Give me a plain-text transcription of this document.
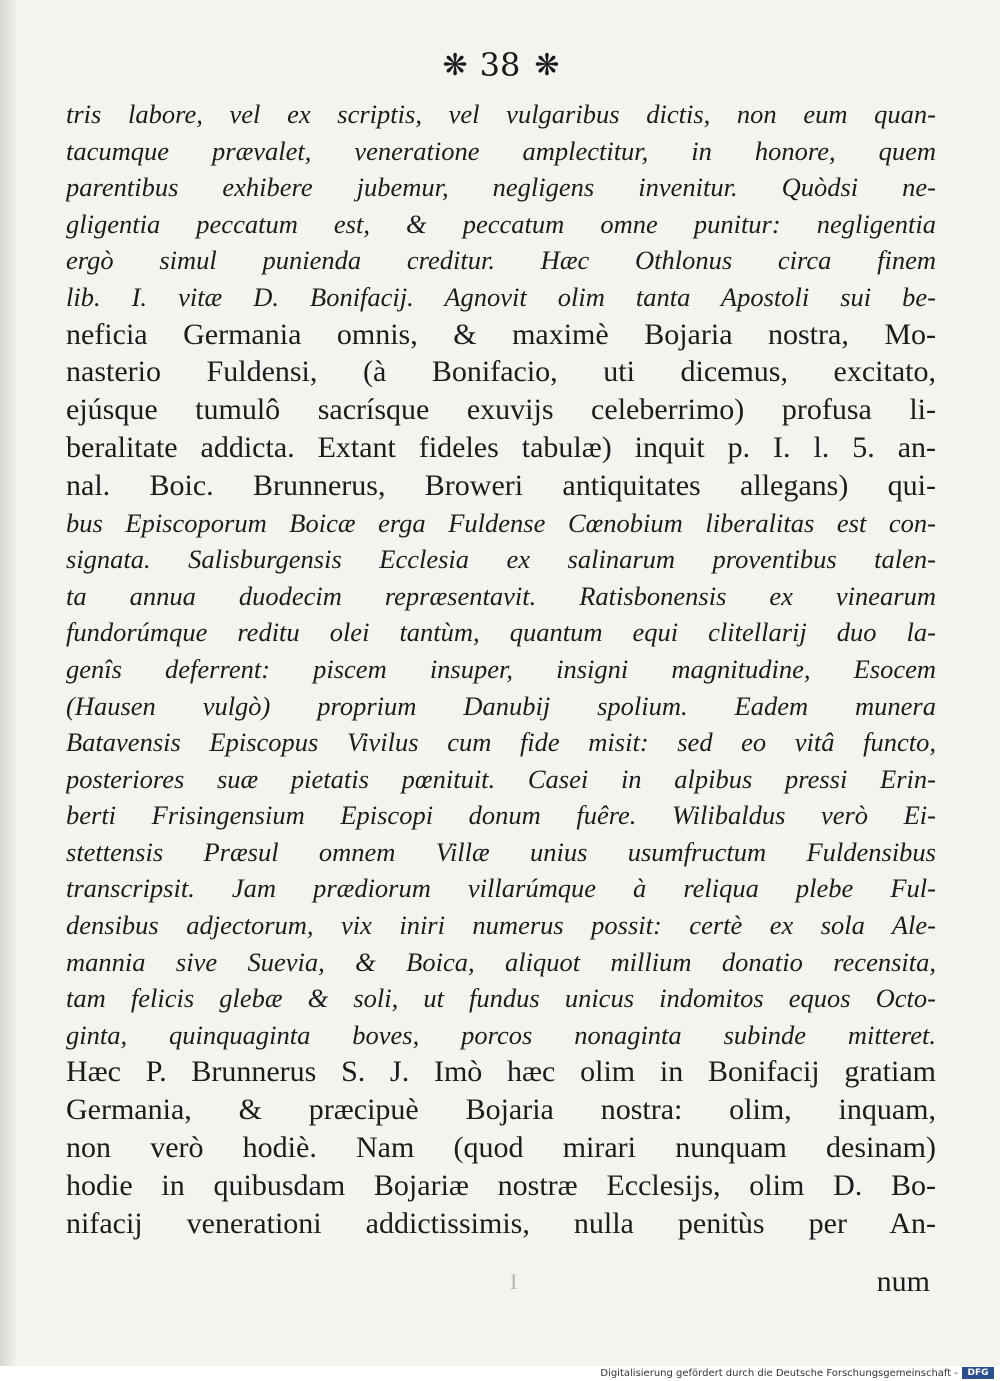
❋ 38 ❋
tris labore, vel ex scriptis, vel vulgaribus dictis, non eum quan-
tacumque prævalet, veneratione amplectitur, in honore, quem
parentibus exhibere jubemur, negligens invenitur. Quòdsi ne-
gligentia peccatum est, & peccatum omne punitur: negligentia
ergò simul punienda creditur. Hæc Othlonus circa finem
lib. I. vitæ D. Bonifacij. Agnovit olim tanta Apostoli sui be-
neficia Germania omnis, & maximè Bojaria nostra, Mo-
nasterio Fuldensi, (à Bonifacio, uti dicemus, excitato,
ejúsque tumulô sacrísque exuvijs celeberrimo) profusa li-
beralitate addicta. Extant fideles tabulæ) inquit p. I. l. 5. an-
nal. Boic. Brunnerus, Broweri antiquitates allegans) qui-
bus Episcoporum Boicæ erga Fuldense Cœnobium liberalitas est con-
signata. Salisburgensis Ecclesia ex salinarum proventibus talen-
ta annua duodecim repræsentavit. Ratisbonensis ex vinearum
fundorúmque reditu olei tantùm, quantum equi clitellarij duo la-
genîs deferrent: piscem insuper, insigni magnitudine, Esocem
(Hausen vulgò) proprium Danubij spolium. Eadem munera
Batavensis Episcopus Vivilus cum fide misit: sed eo vitâ functo,
posteriores suæ pietatis pœnituit. Casei in alpibus pressi Erin-
berti Frisingensium Episcopi donum fuêre. Wilibaldus verò Ei-
stettensis Præsul omnem Villæ unius usumfructum Fuldensibus
transcripsit. Jam prædiorum villarúmque à reliqua plebe Ful-
densibus adjectorum, vix iniri numerus possit: certè ex sola Ale-
mannia sive Suevia, & Boica, aliquot millium donatio recensita,
tam felicis glebæ & soli, ut fundus unicus indomitos equos Octo-
ginta, quinquaginta boves, porcos nonaginta subinde mitteret.
Hæc P. Brunnerus S. J. Imò hæc olim in Bonifacij gratiam
Germania, & præcipuè Bojaria nostra: olim, inquam,
non verò hodiè. Nam (quod mirari nunquam desinam)
hodie in quibusdam Bojariæ nostræ Ecclesijs, olim D. Bo-
nifacij venerationi addictissimis, nulla penitùs per An-
I	num
Digitalisierung gefördert durch die Deutsche Forschungsgemeinschaft -	DFG
